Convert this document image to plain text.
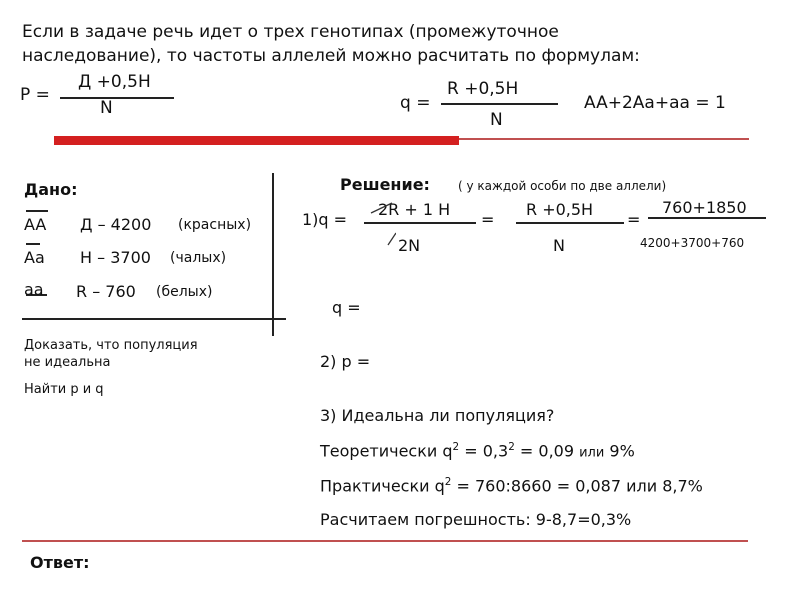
Если в задаче речь идет о трех генотипах (промежуточное
наследование), то частоты аллелей можно расчитать по формулам:
P =
Д +0,5Н
N	q =
R +0,5H
N
AA+2Aa+aa = 1
Дано:
AA Д – 4200 (красных)
Aa H – 3700 (чалых)
aa R – 760 (белых)
Доказать, что популяция
не идеальна
Найти р и q
Решение: ( у каждой особи по две аллели)
1)q =
2R + 1 H
2N
=
R +0,5H
N
=
760+1850
4200+3700+760
q =
2) p =
3) Идеальна ли популяция?
Теоретически $q^2 = 0,3^2 = 0,09$ или 9%
Практически $q^2$ = 760:8660 = 0,087 или 8,7%
Расчитаем погрешность: 9-8,7=0,3%
Ответ:
